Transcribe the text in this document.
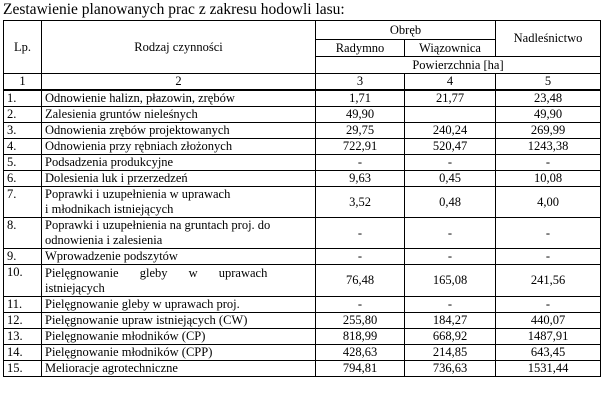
Zestawienie planowanych prac z zakresu hodowli lasu:
Lp.	Rodzaj czynności	Obręb		Nadleśnictwo
		Radymno	Wiązownica	
		Powierzchnia [ha]		
1	2	3	4	5
1.	Odnowienie halizn, płazowin, zrębów	1,71	21,77	23,48
2.	Zalesienia gruntów nieleśnych	49,90		49,90
3.	Odnowienia zrębów projektowanych	29,75	240,24	269,99
4.	Odnowienia przy rębniach złożonych	722,91	520,47	1243,38
5.	Podsadzenia produkcyjne	-	-	-
6.	Dolesienia luk i przerzedzeń	9,63	0,45	10,08
7.	Poprawki i uzupełnienia w uprawach
i młodnikach istniejących	3,52	0,48	4,00
8.	Poprawki i uzupełnienia na gruntach proj. do
odnowienia i zalesienia	-	-	-
9.	Wprowadzenie podszytów	-	-	-
10.	Pielęgnowanie gleby w uprawach
istniejących	76,48	165,08	241,56
11.	Pielęgnowanie gleby w uprawach proj.	-	-	-
12.	Pielęgnowanie upraw istniejących (CW)	255,80	184,27	440,07
13.	Pielęgnowanie młodników (CP)	818,99	668,92	1487,91
14.	Pielęgnowanie młodników (CPP)	428,63	214,85	643,45
15.	Melioracje agrotechniczne	794,81	736,63	1531,44
